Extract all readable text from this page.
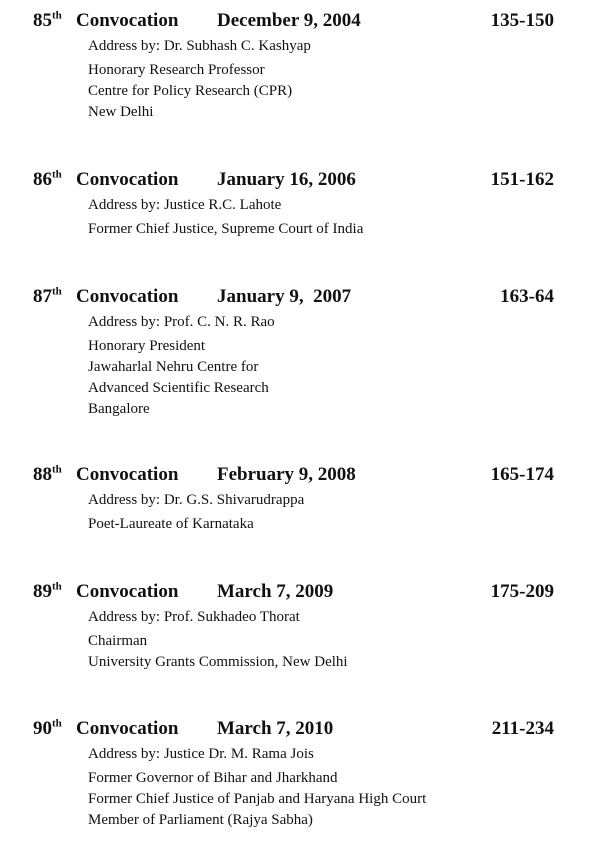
85th Convocation December 9, 2004	135-150
Address by: Dr. Subhash C. Kashyap
Honorary Research Professor
Centre for Policy Research (CPR)
New Delhi
86th Convocation January 16, 2006	151-162
Address by: Justice R.C. Lahote
Former Chief Justice, Supreme Court of India
87th Convocation January 9,  2007	163-64
Address by: Prof. C. N. R. Rao
Honorary President
Jawaharlal Nehru Centre for
Advanced Scientific Research
Bangalore
88th Convocation February 9, 2008	165-174
Address by: Dr. G.S. Shivarudrappa
Poet-Laureate of Karnataka
89th Convocation March 7, 2009	175-209
Address by: Prof. Sukhadeo Thorat
Chairman
University Grants Commission, New Delhi
90th Convocation March 7, 2010	211-234
Address by: Justice Dr. M. Rama Jois
Former Governor of Bihar and Jharkhand
Former Chief Justice of Panjab and Haryana High Court
Member of Parliament (Rajya Sabha)
